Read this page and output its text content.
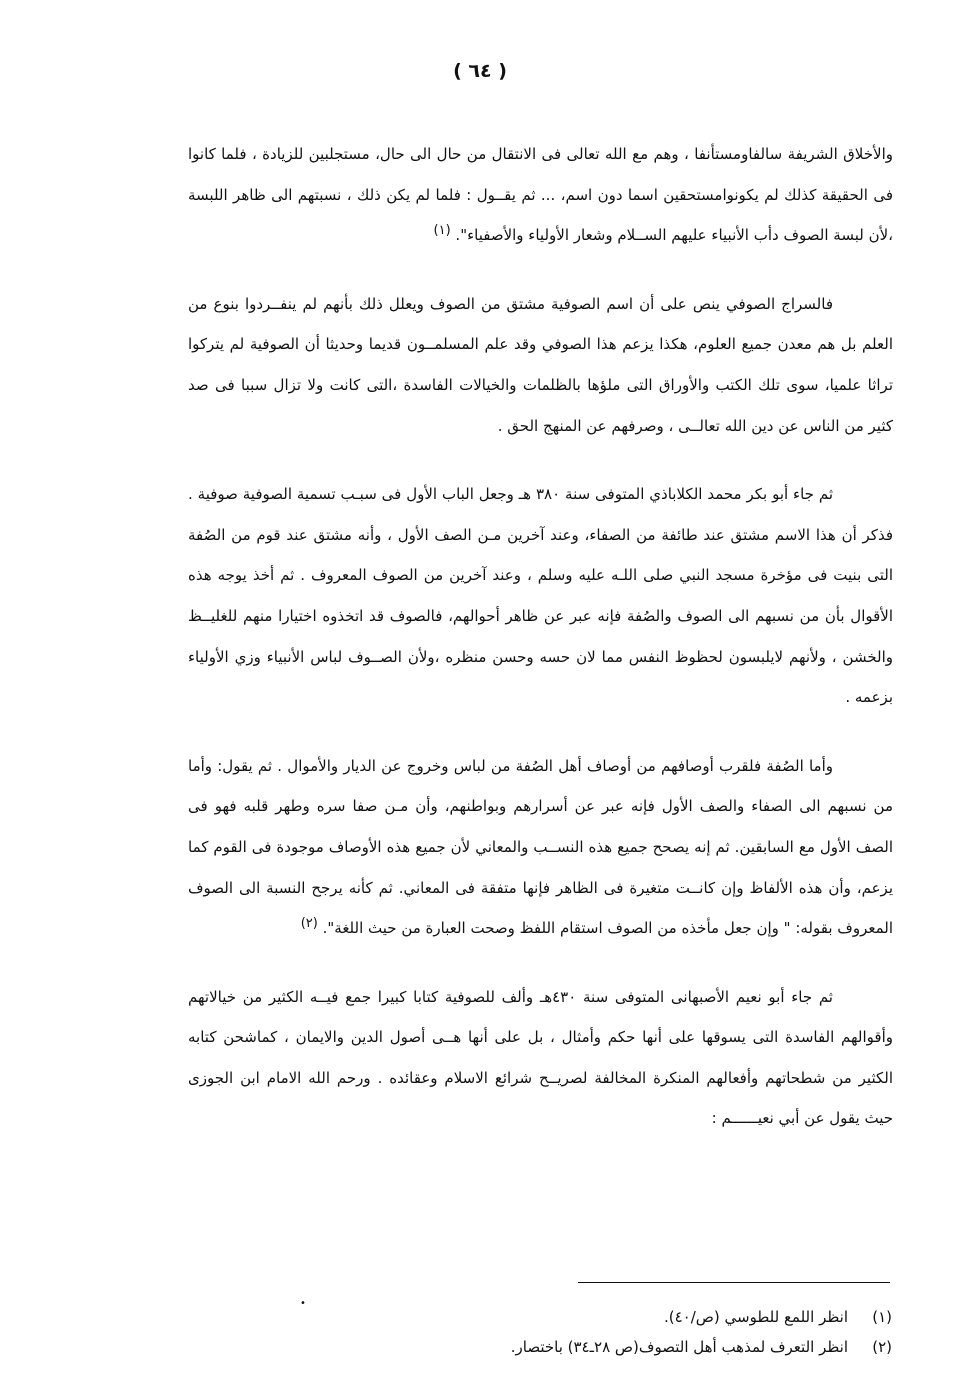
( ٦٤ )

والأخلاق الشريفة سالفاومستأنفا ، وهم مع الله تعالى فى الانتقال من حال الى حال، مستجلبين للزيادة ، فلما كانوا فى الحقيقة كذلك لم يكونوامستحقين اسما دون اسم، ... ثم يقــول : فلما لم يكن ذلك ، نسبتهم الى ظاهر اللبسة ،لأن لبسة الصوف دأب الأنبياء عليهم الســلام وشعار الأولياء والأصفياء". (١)

فالسراج الصوفي ينص على أن اسم الصوفية مشتق من الصوف ويعلل ذلك بأنهم لم ينفــردوا بنوع من العلم بل هم معدن جميع العلوم، هكذا يزعم هذا الصوفي وقد علم المسلمــون قديما وحديثا أن الصوفية لم يتركوا تراثا علميا، سوى تلك الكتب والأوراق التى ملؤها بالظلمات والخيالات الفاسدة ،التى كانت ولا تزال سببا فى صد كثير من الناس عن دين الله تعالــى ، وصرفهم عن المنهج الحق .

ثم جاء أبو بكر محمد الكلاباذي المتوفى سنة ٣٨٠ هـ وجعل الباب الأول فى سبـب تسمية الصوفية صوفية . فذكر أن هذا الاسم مشتق عند طائفة من الصفاء، وعند آخرين مـن الصف الأول ، وأنه مشتق عند قوم من الصُفة التى بنيت فى مؤخرة مسجد النبي صلى اللـه عليه وسلم ، وعند آخرين من الصوف المعروف . ثم أخذ يوجه هذه الأقوال بأن من نسبهم الى الصوف والصُفة فإنه عبر عن ظاهر أحوالهم، فالصوف قد اتخذوه اختيارا منهم للغليــظ والخشن ، ولأنهم لايلبسون لحظوظ النفس مما لان حسه وحسن منظره ،ولأن الصــوف لباس الأنبياء وزي الأولياء بزعمه .

وأما الصُفة فلقرب أوصافهم من أوصاف أهل الصُفة من لباس وخروج عن الديار والأموال . ثم يقول: وأما من نسبهم الى الصفاء والصف الأول فإنه عبر عن أسرارهم وبواطنهم، وأن مـن صفا سره وطهر قلبه فهو فى الصف الأول مع السابقين. ثم إنه يصحح جميع هذه النســب والمعاني لأن جميع هذه الأوصاف موجودة فى القوم كما يزعم، وأن هذه الألفاظ وإن كانــت متغيرة فى الظاهر فإنها متفقة فى المعاني. ثم كأنه يرجح النسبة الى الصوف المعروف بقوله: " وإن جعل مأخذه من الصوف استقام اللفظ وصحت العبارة من حيث اللغة". (٢)

ثم جاء أبو نعيم الأصبهانى المتوفى سنة ٤٣٠هـ وألف للصوفية كتابا كبيرا جمع فيــه الكثير من خيالاتهم وأقوالهم الفاسدة التى يسوقها على أنها حكم وأمثال ، بل على أنها هــى أصول الدين والايمان ، كماشحن كتابه الكثير من شطحاتهم وأفعالهم المنكرة المخالفة لصريــح شرائع الاسلام وعقائده . ورحم الله الامام ابن الجوزى حيث يقول عن أبي نعيــــــم :

•

(١)انظر اللمع للطوسي (ص/٤٠).

(٢)انظر التعرف لمذهب أهل التصوف(ص ٢٨ـ٣٤) باختصار.
